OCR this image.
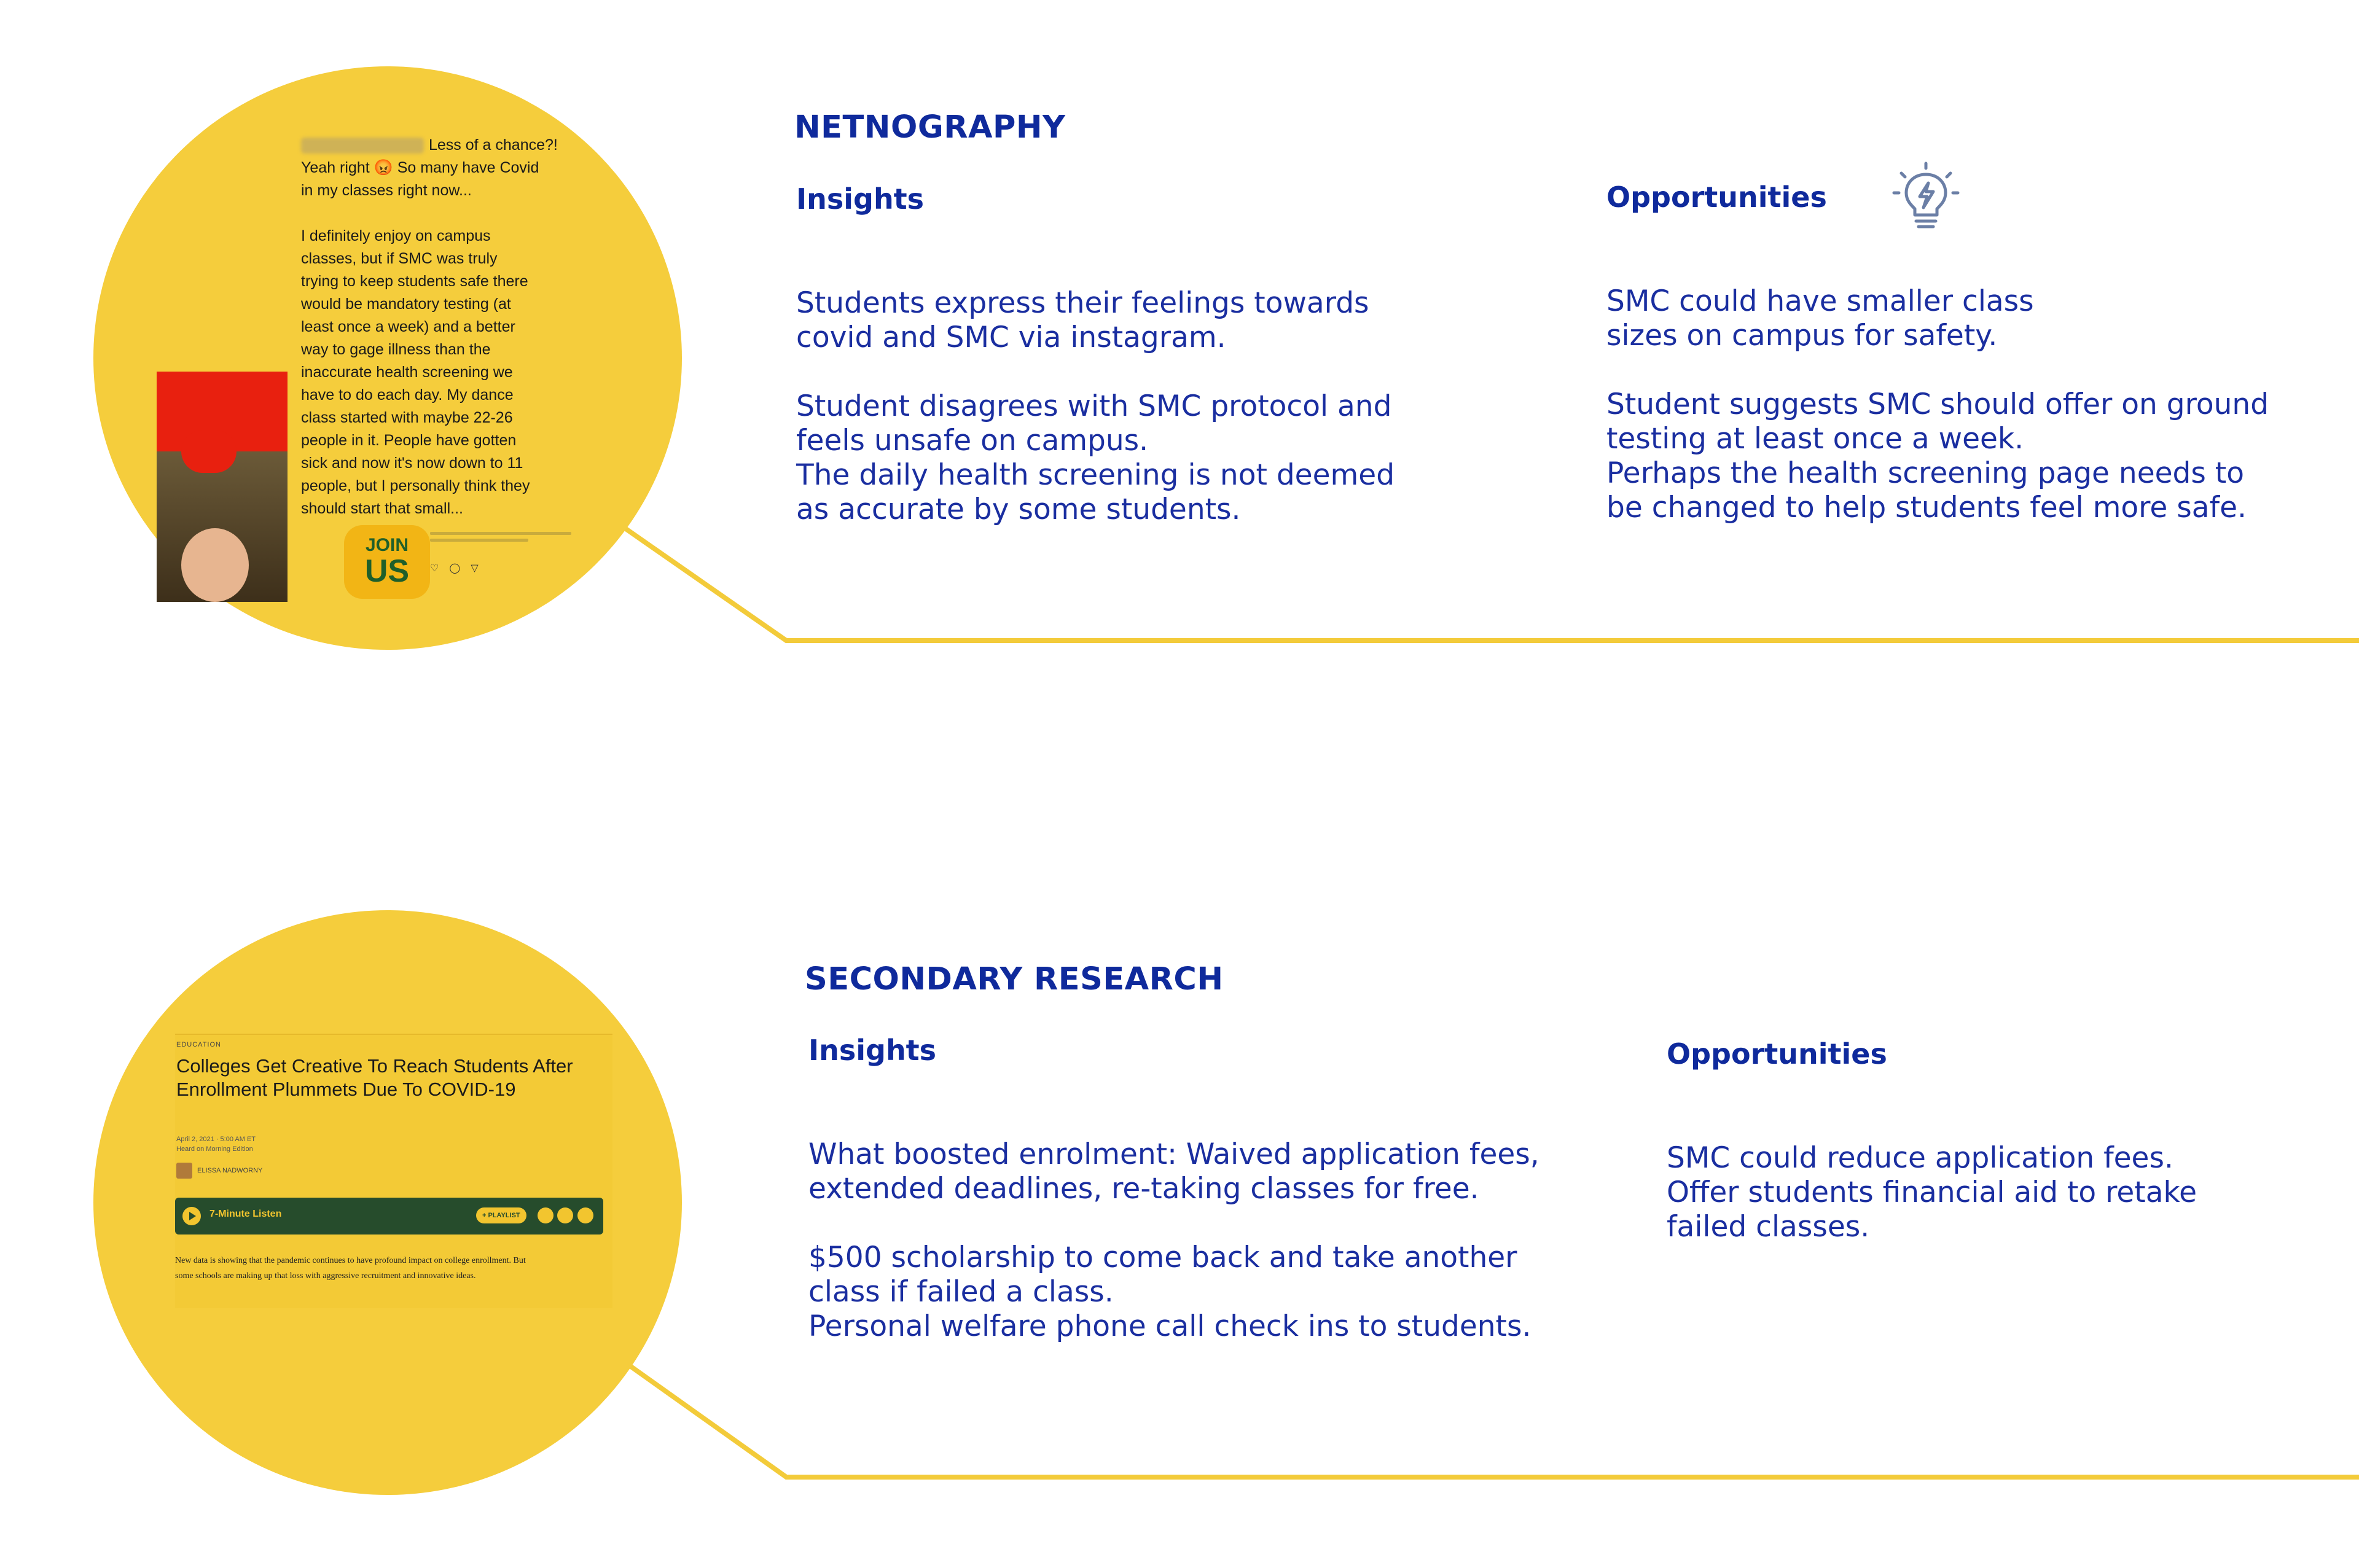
Less of a chance?!
Yeah right 😡 So many have Covid
in my classes right now...

I definitely enjoy on campus
classes, but if SMC was truly
trying to keep students safe there
would be mandatory testing (at
least once a week) and a better
way to gage illness than the
inaccurate health screening we
have to do each day. My dance
class started with maybe 22-26
people in it. People have gotten
sick and now it's now down to 11
people, but I personally think they
should start that small...
JOIN
US	♡ ◯ ▽
NETNOGRAPHY
Insights	Opportunities
Students express their feelings towards
covid and SMC via instagram.

Student disagrees with SMC protocol and
feels unsafe on campus.
The daily health screening is not deemed
as accurate by some students.
SMC could have smaller class
sizes on campus for safety.

Student suggests SMC should offer on ground
testing at least once a week.
Perhaps the health screening page needs to
be changed to help students feel more safe.
EDUCATION
Colleges Get Creative To Reach Students After Enrollment Plummets Due To COVID-19
April 2, 2021 · 5:00 AM ET
Heard on Morning Edition
ELISSA NADWORNY
7-Minute Listen	+ PLAYLIST
New data is showing that the pandemic continues to have profound impact on college enrollment. But some schools are making up that loss with aggressive recruitment and innovative ideas.
SECONDARY RESEARCH
Insights	Opportunities
What boosted enrolment: Waived application fees,
extended deadlines, re-taking classes for free.

$500 scholarship to come back and take another
class if failed a class.
Personal welfare phone call check ins to students.
SMC could reduce application fees.
Offer students financial aid to retake
failed classes.
